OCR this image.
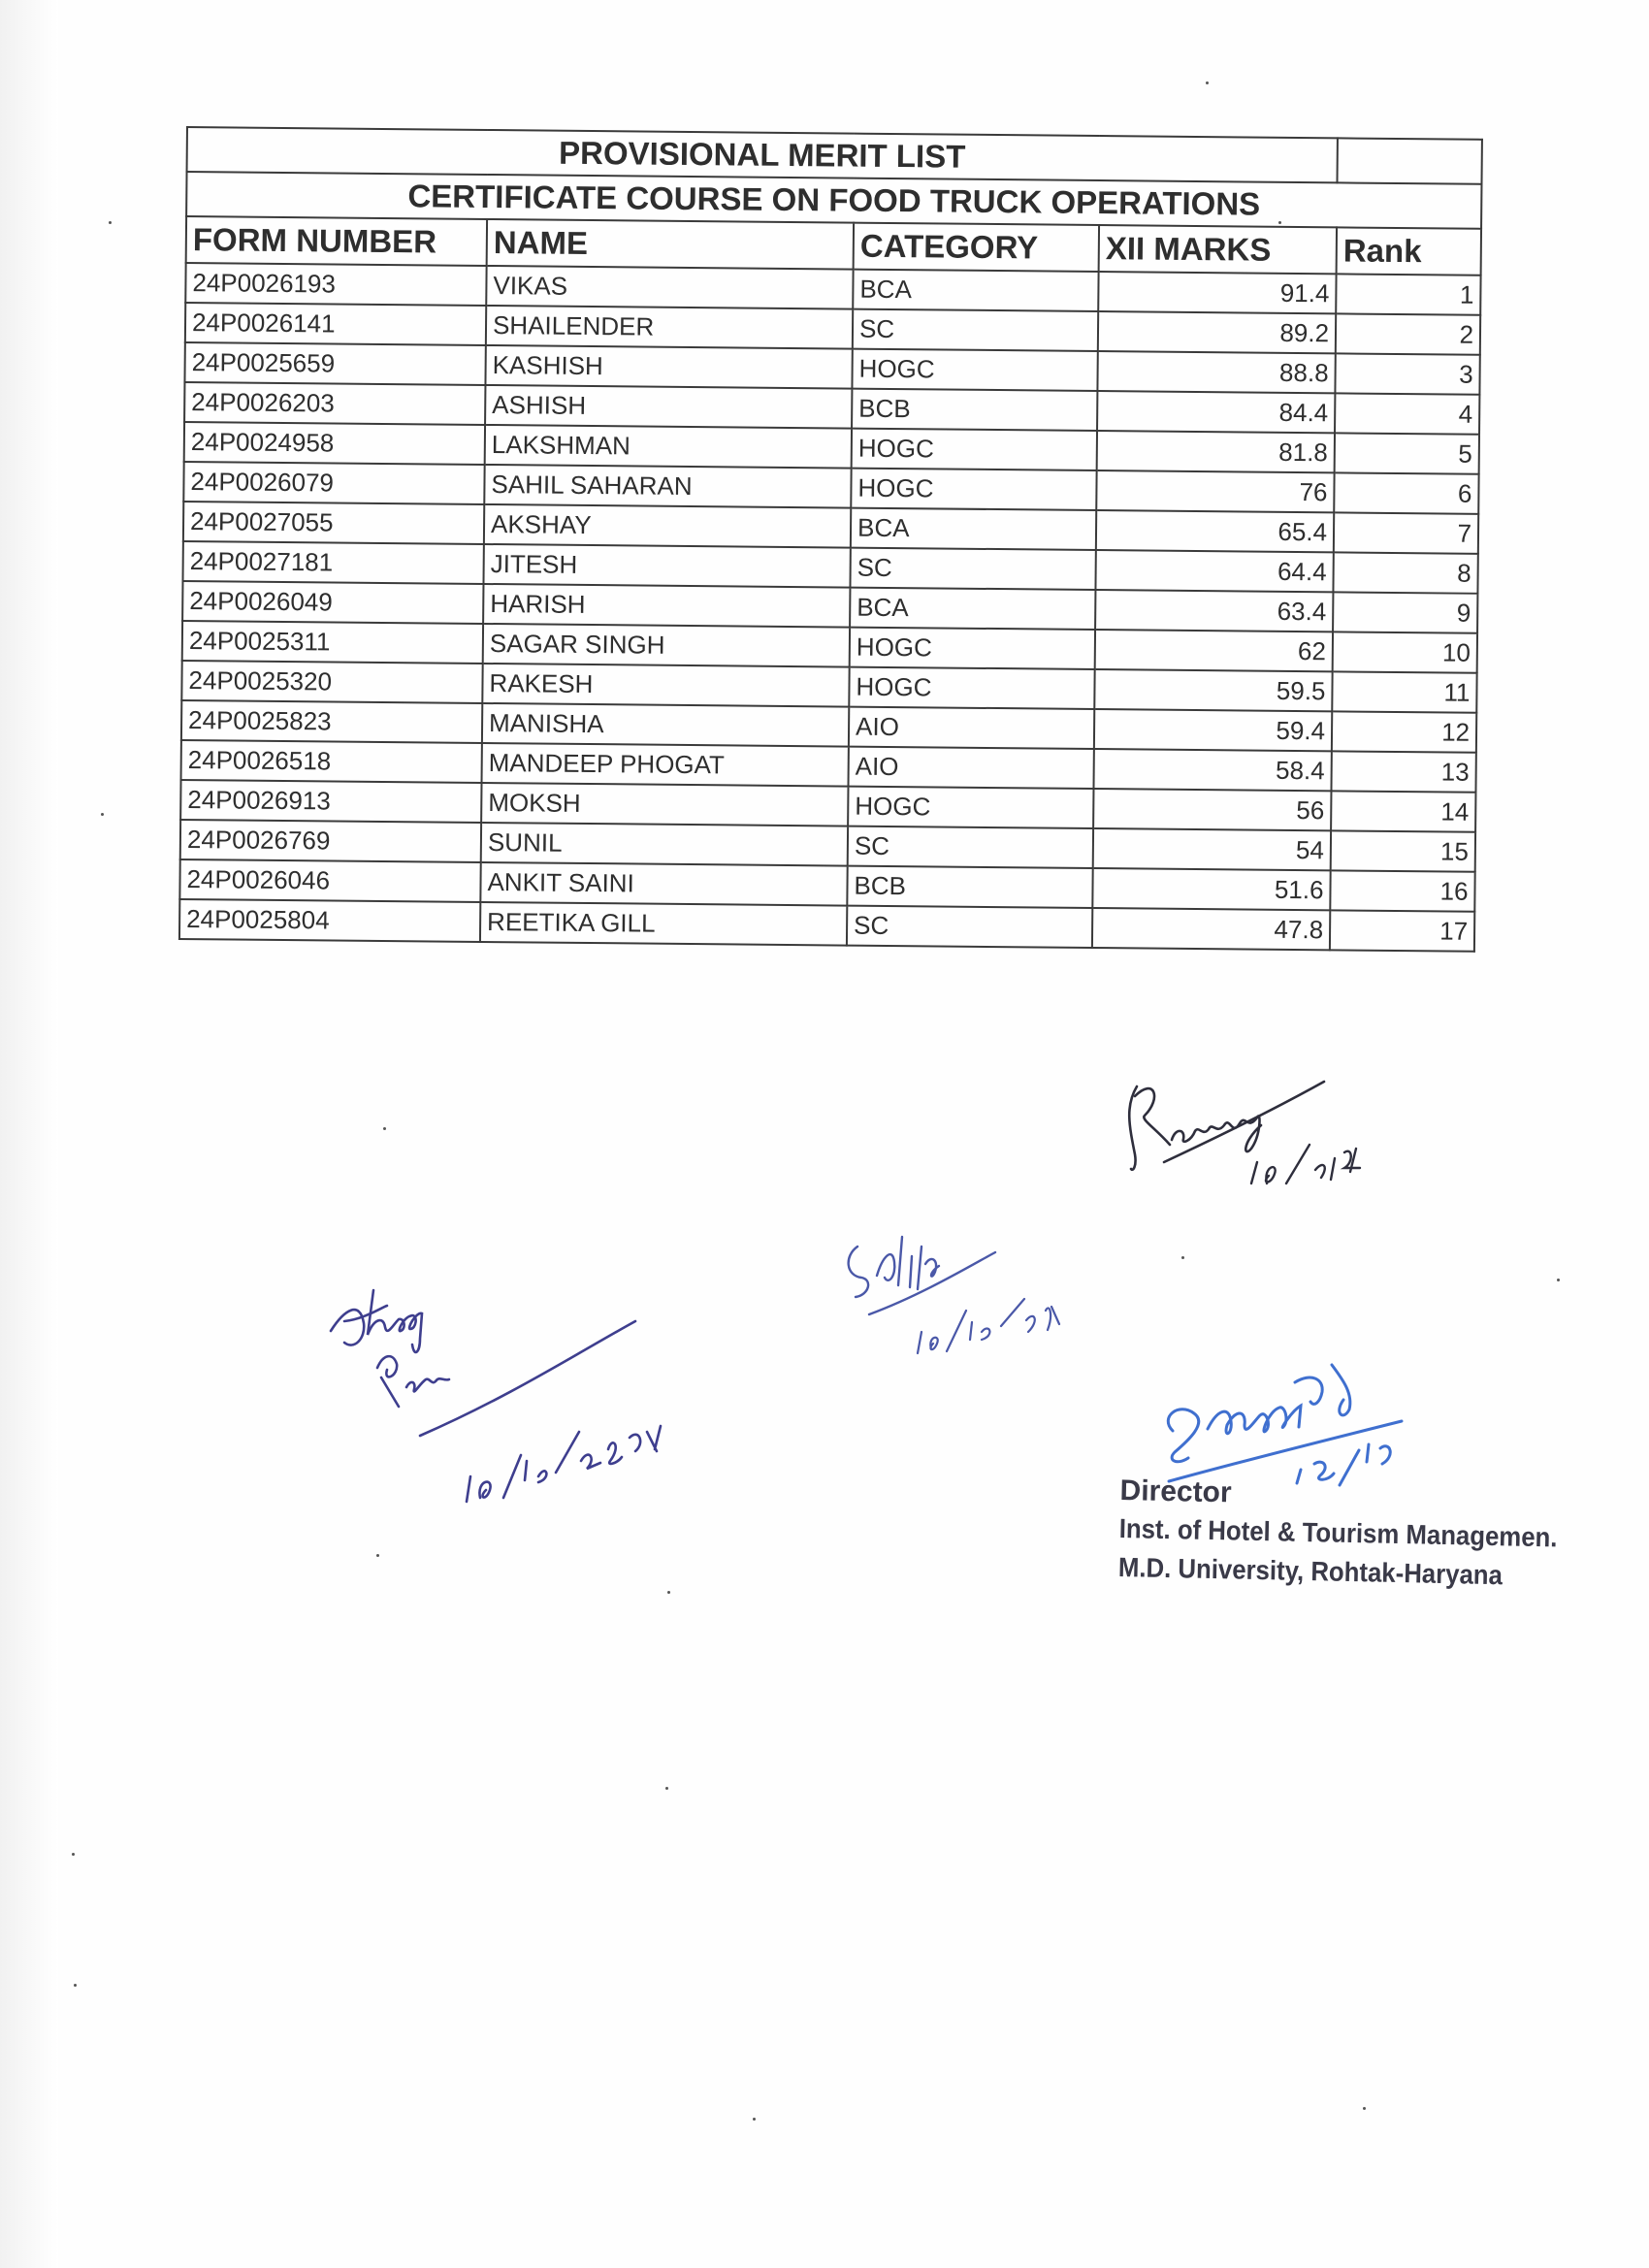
PROVISIONAL MERIT LIST				
CERTIFICATE COURSE ON FOOD TRUCK OPERATIONS				
FORM NUMBER	NAME	CATEGORY	XII MARKS	Rank
24P0026193	VIKAS	BCA	91.4	1
24P0026141	SHAILENDER	SC	89.2	2
24P0025659	KASHISH	HOGC	88.8	3
24P0026203	ASHISH	BCB	84.4	4
24P0024958	LAKSHMAN	HOGC	81.8	5
24P0026079	SAHIL SAHARAN	HOGC	76	6
24P0027055	AKSHAY	BCA	65.4	7
24P0027181	JITESH	SC	64.4	8
24P0026049	HARISH	BCA	63.4	9
24P0025311	SAGAR SINGH	HOGC	62	10
24P0025320	RAKESH	HOGC	59.5	11
24P0025823	MANISHA	AIO	59.4	12
24P0026518	MANDEEP PHOGAT	AIO	58.4	13
24P0026913	MOKSH	HOGC	56	14
24P0026769	SUNIL	SC	54	15
24P0026046	ANKIT SAINI	BCB	51.6	16
24P0025804	REETIKA GILL	SC	47.8	17
Director
Inst. of Hotel & Tourism Managemen.
M.D. University, Rohtak-Haryana
